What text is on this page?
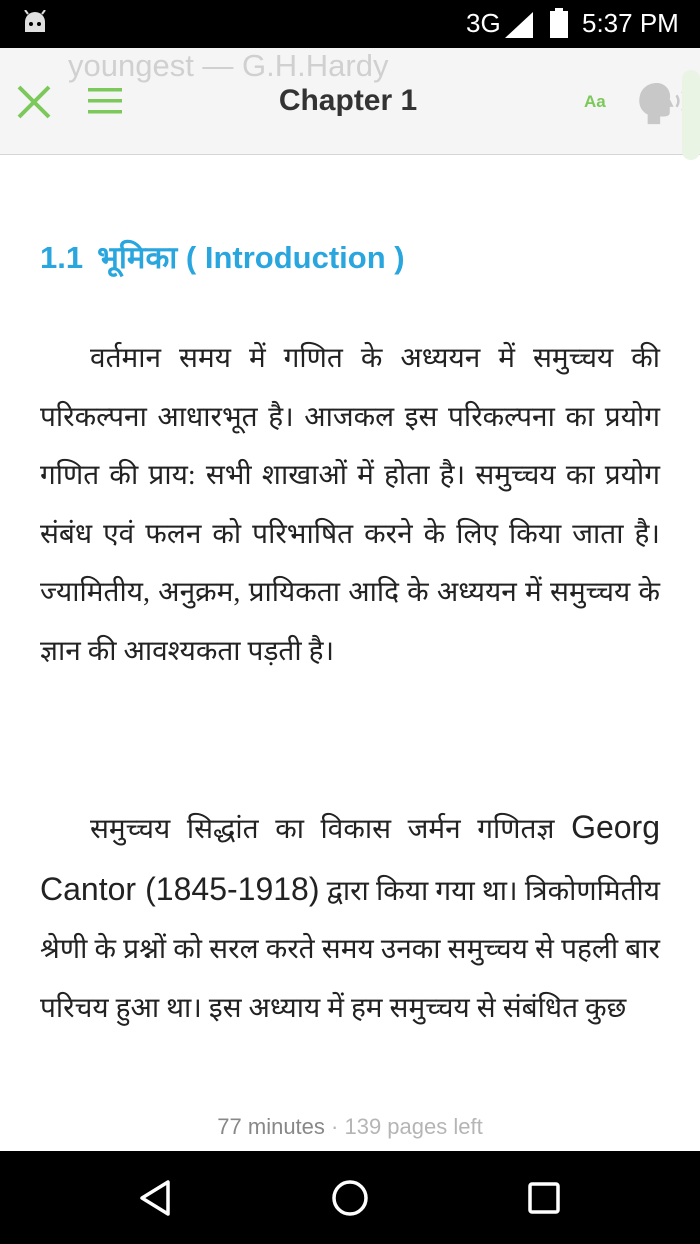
3G	5:37 PM
youngest — G.H.Hardy
Chapter 1	Aa
1.1 भूमिका ( Introduction )

वर्तमान समय में गणित के अध्ययन में समुच्चय की परिकल्पना आधारभूत है। आजकल इस परिकल्पना का प्रयोग गणित की प्राय: सभी शाखाओं में होता है। समुच्चय का प्रयोग संबंध एवं फलन को परिभाषित करने के लिए किया जाता है। ज्यामितीय, अनुक्रम, प्रायिकता आदि के अध्ययन में समुच्चय के ज्ञान की आवश्यकता पड़ती है।

समुच्चय सिद्धांत का विकास जर्मन गणितज्ञ Georg Cantor (1845-1918) द्वारा किया गया था। त्रिकोणमितीय श्रेणी के प्रश्नों को सरल करते समय उनका समुच्चय से पहली बार परिचय हुआ था। इस अध्याय में हम समुच्चय से संबंधित कुछ

77 minutes · 139 pages left
